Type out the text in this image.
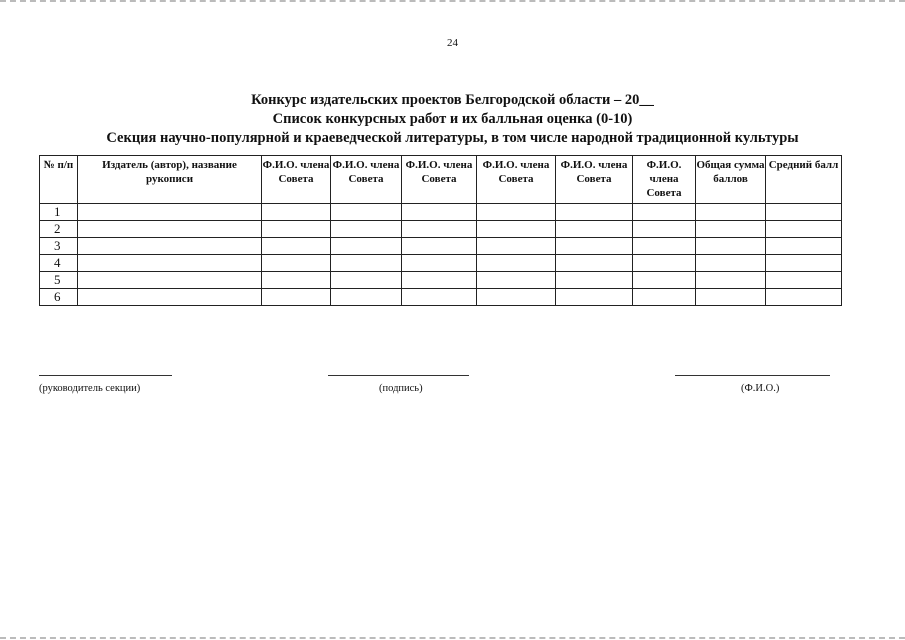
24
Конкурс издательских проектов Белгородской области – 20__
Список конкурсных работ и их балльная оценка (0-10)
Секция научно-популярной и краеведческой литературы, в том числе народной традиционной культуры
№ п/п	Издатель (автор), название рукописи	Ф.И.О. члена Совета	Ф.И.О. члена Совета	Ф.И.О. члена Совета	Ф.И.О. члена Совета	Ф.И.О. члена Совета	Ф.И.О. члена Совета	Общая сумма баллов	Средний балл
1									
2									
3									
4									
5									
6									
(руководитель секции)	(подпись)	(Ф.И.О.)
